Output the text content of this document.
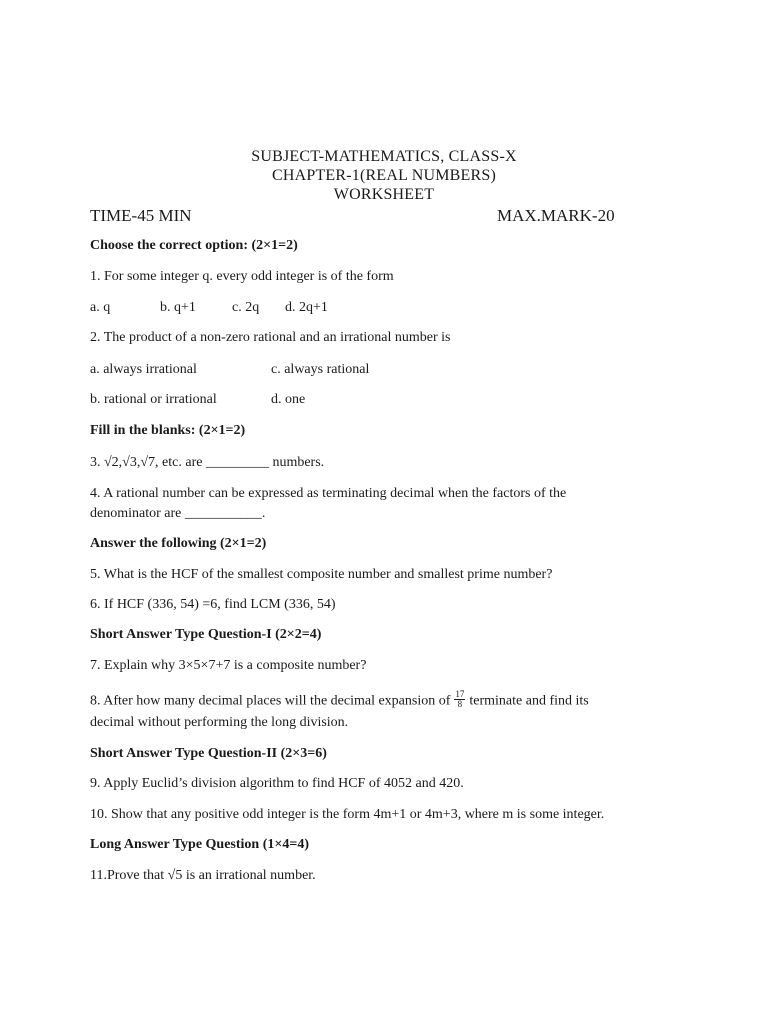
SUBJECT-MATHEMATICS, CLASS-X
CHAPTER-1(REAL NUMBERS)
WORKSHEET
TIME-45 MIN	MAX.MARK-20
Choose the correct option: (2×1=2)
1. For some integer q. every odd integer is of the form
a. q	b. q+1	c. 2q d. 2q+1
2. The product of a non-zero rational and an irrational number is
a. always irrational	c. always rational
b. rational or irrational	d. one
Fill in the blanks: (2×1=2)
3. √2,√3,√7, etc. are _________ numbers.
4. A rational number can be expressed as terminating decimal when the factors of the
denominator are ___________.
Answer the following (2×1=2)
5. What is the HCF of the smallest composite number and smallest prime number?
6. If HCF (336, 54) =6, find LCM (336, 54)
Short Answer Type Question-I (2×2=4)
7. Explain why 3×5×7+7 is a composite number?
8. After how many decimal places will the decimal expansion of $\frac{17}{8}$ terminate and find its
decimal without performing the long division.
Short Answer Type Question-II (2×3=6)
9. Apply Euclid’s division algorithm to find HCF of 4052 and 420.
10. Show that any positive odd integer is the form 4m+1 or 4m+3, where m is some integer.
Long Answer Type Question (1×4=4)
11.Prove that √5 is an irrational number.
